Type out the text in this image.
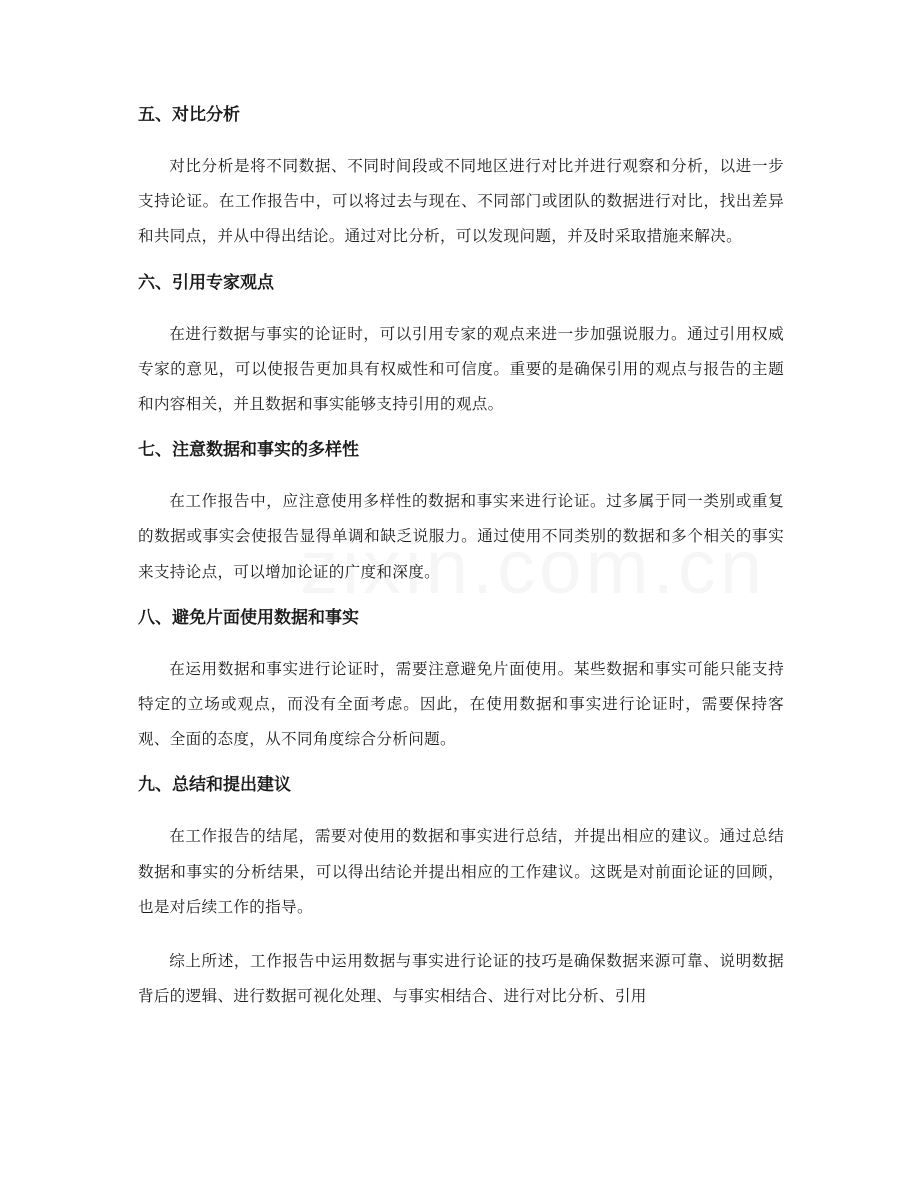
五、对比分析

对比分析是将不同数据、不同时间段或不同地区进行对比并进行观察和分析，以进一步支持论证。在工作报告中，可以将过去与现在、不同部门或团队的数据进行对比，找出差异和共同点，并从中得出结论。通过对比分析，可以发现问题，并及时采取措施来解决。

六、引用专家观点

在进行数据与事实的论证时，可以引用专家的观点来进一步加强说服力。通过引用权威专家的意见，可以使报告更加具有权威性和可信度。重要的是确保引用的观点与报告的主题和内容相关，并且数据和事实能够支持引用的观点。

七、注意数据和事实的多样性

在工作报告中，应注意使用多样性的数据和事实来进行论证。过多属于同一类别或重复的数据或事实会使报告显得单调和缺乏说服力。通过使用不同类别的数据和多个相关的事实来支持论点，可以增加论证的广度和深度。

八、避免片面使用数据和事实

在运用数据和事实进行论证时，需要注意避免片面使用。某些数据和事实可能只能支持特定的立场或观点，而没有全面考虑。因此，在使用数据和事实进行论证时，需要保持客观、全面的态度，从不同角度综合分析问题。

九、总结和提出建议

在工作报告的结尾，需要对使用的数据和事实进行总结，并提出相应的建议。通过总结数据和事实的分析结果，可以得出结论并提出相应的工作建议。这既是对前面论证的回顾，也是对后续工作的指导。

综上所述，工作报告中运用数据与事实进行论证的技巧是确保数据来源可靠、说明数据背后的逻辑、进行数据可视化处理、与事实相结合、进行对比分析、引用
